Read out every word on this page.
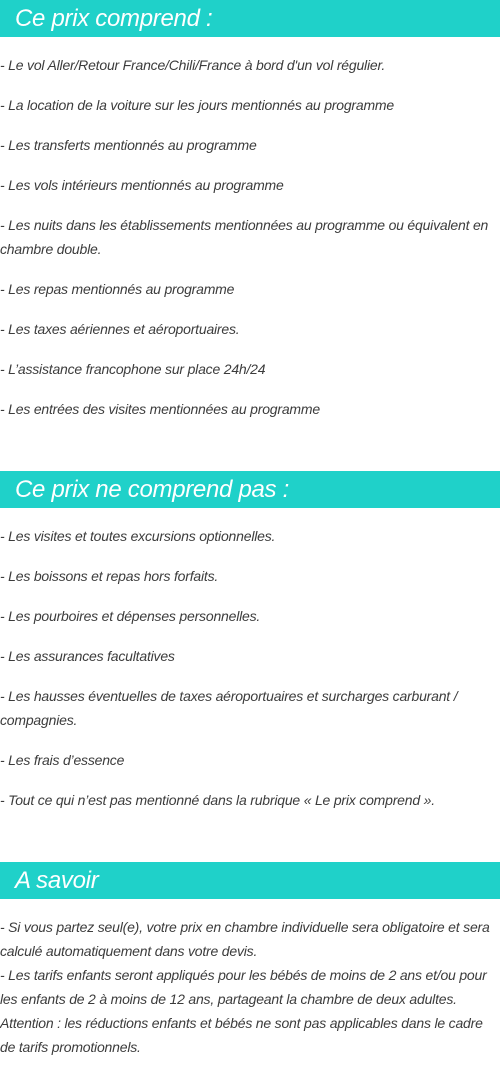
Ce prix comprend :
- Le vol Aller/Retour France/Chili/France à bord d'un vol régulier.
- La location de la voiture sur les jours mentionnés au programme
- Les transferts mentionnés au programme
- Les vols intérieurs mentionnés au programme
- Les nuits dans les établissements mentionnées au programme ou équivalent en chambre double.
- Les repas mentionnés au programme
- Les taxes aériennes et aéroportuaires.
- L’assistance francophone sur place 24h/24
- Les entrées des visites mentionnées au programme
Ce prix ne comprend pas :
- Les visites et toutes excursions optionnelles.
- Les boissons et repas hors forfaits.
- Les pourboires et dépenses personnelles.
- Les assurances facultatives
- Les hausses éventuelles de taxes aéroportuaires et surcharges carburant / compagnies.
- Les frais d’essence
- Tout ce qui n’est pas mentionné dans la rubrique « Le prix comprend ».
A savoir

- Si vous partez seul(e), votre prix en chambre individuelle sera obligatoire et sera calculé automatiquement dans votre devis.

- Les tarifs enfants seront appliqués pour les bébés de moins de 2 ans et/ou pour les enfants de 2 à moins de 12 ans, partageant la chambre de deux adultes. Attention : les réductions enfants et bébés ne sont pas applicables dans le cadre de tarifs promotionnels.
